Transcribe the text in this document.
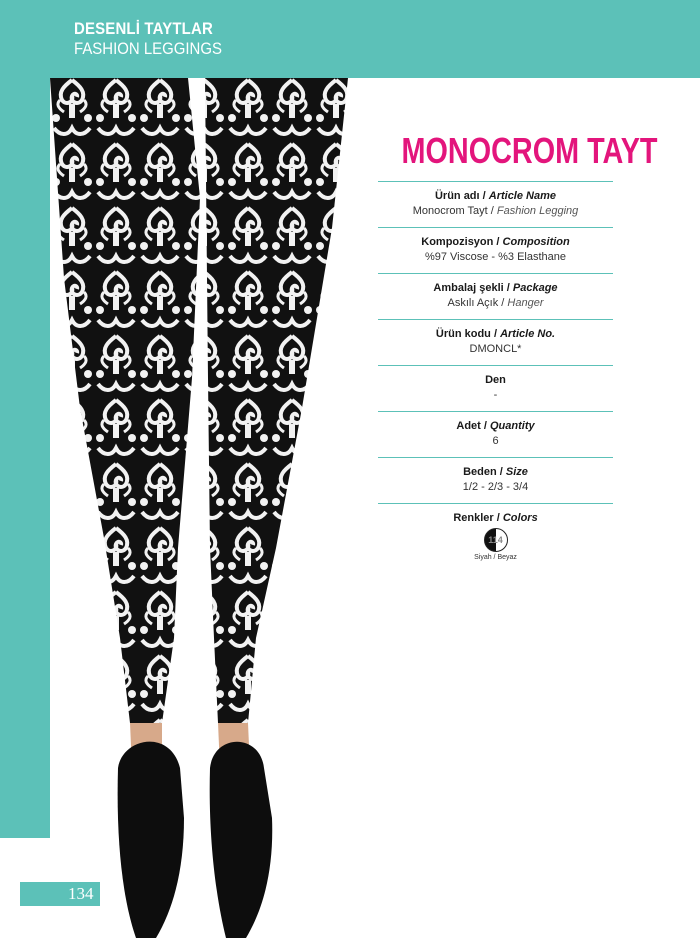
DESENLİ TAYTLAR
FASHION LEGGINGS
134
MONOCROM TAYT
Ürün adı / Article Name
Monocrom Tayt / Fashion Legging
Kompozisyon / Composition
%97 Viscose - %3 Elasthane
Ambalaj şekli / Package
Askılı Açık / Hanger
Ürün kodu / Article No.
DMONCL*
Den
-
Adet / Quantity
6
Beden / Size
1/2 - 2/3 - 3/4
Renkler / Colors
114
Siyah / Beyaz
